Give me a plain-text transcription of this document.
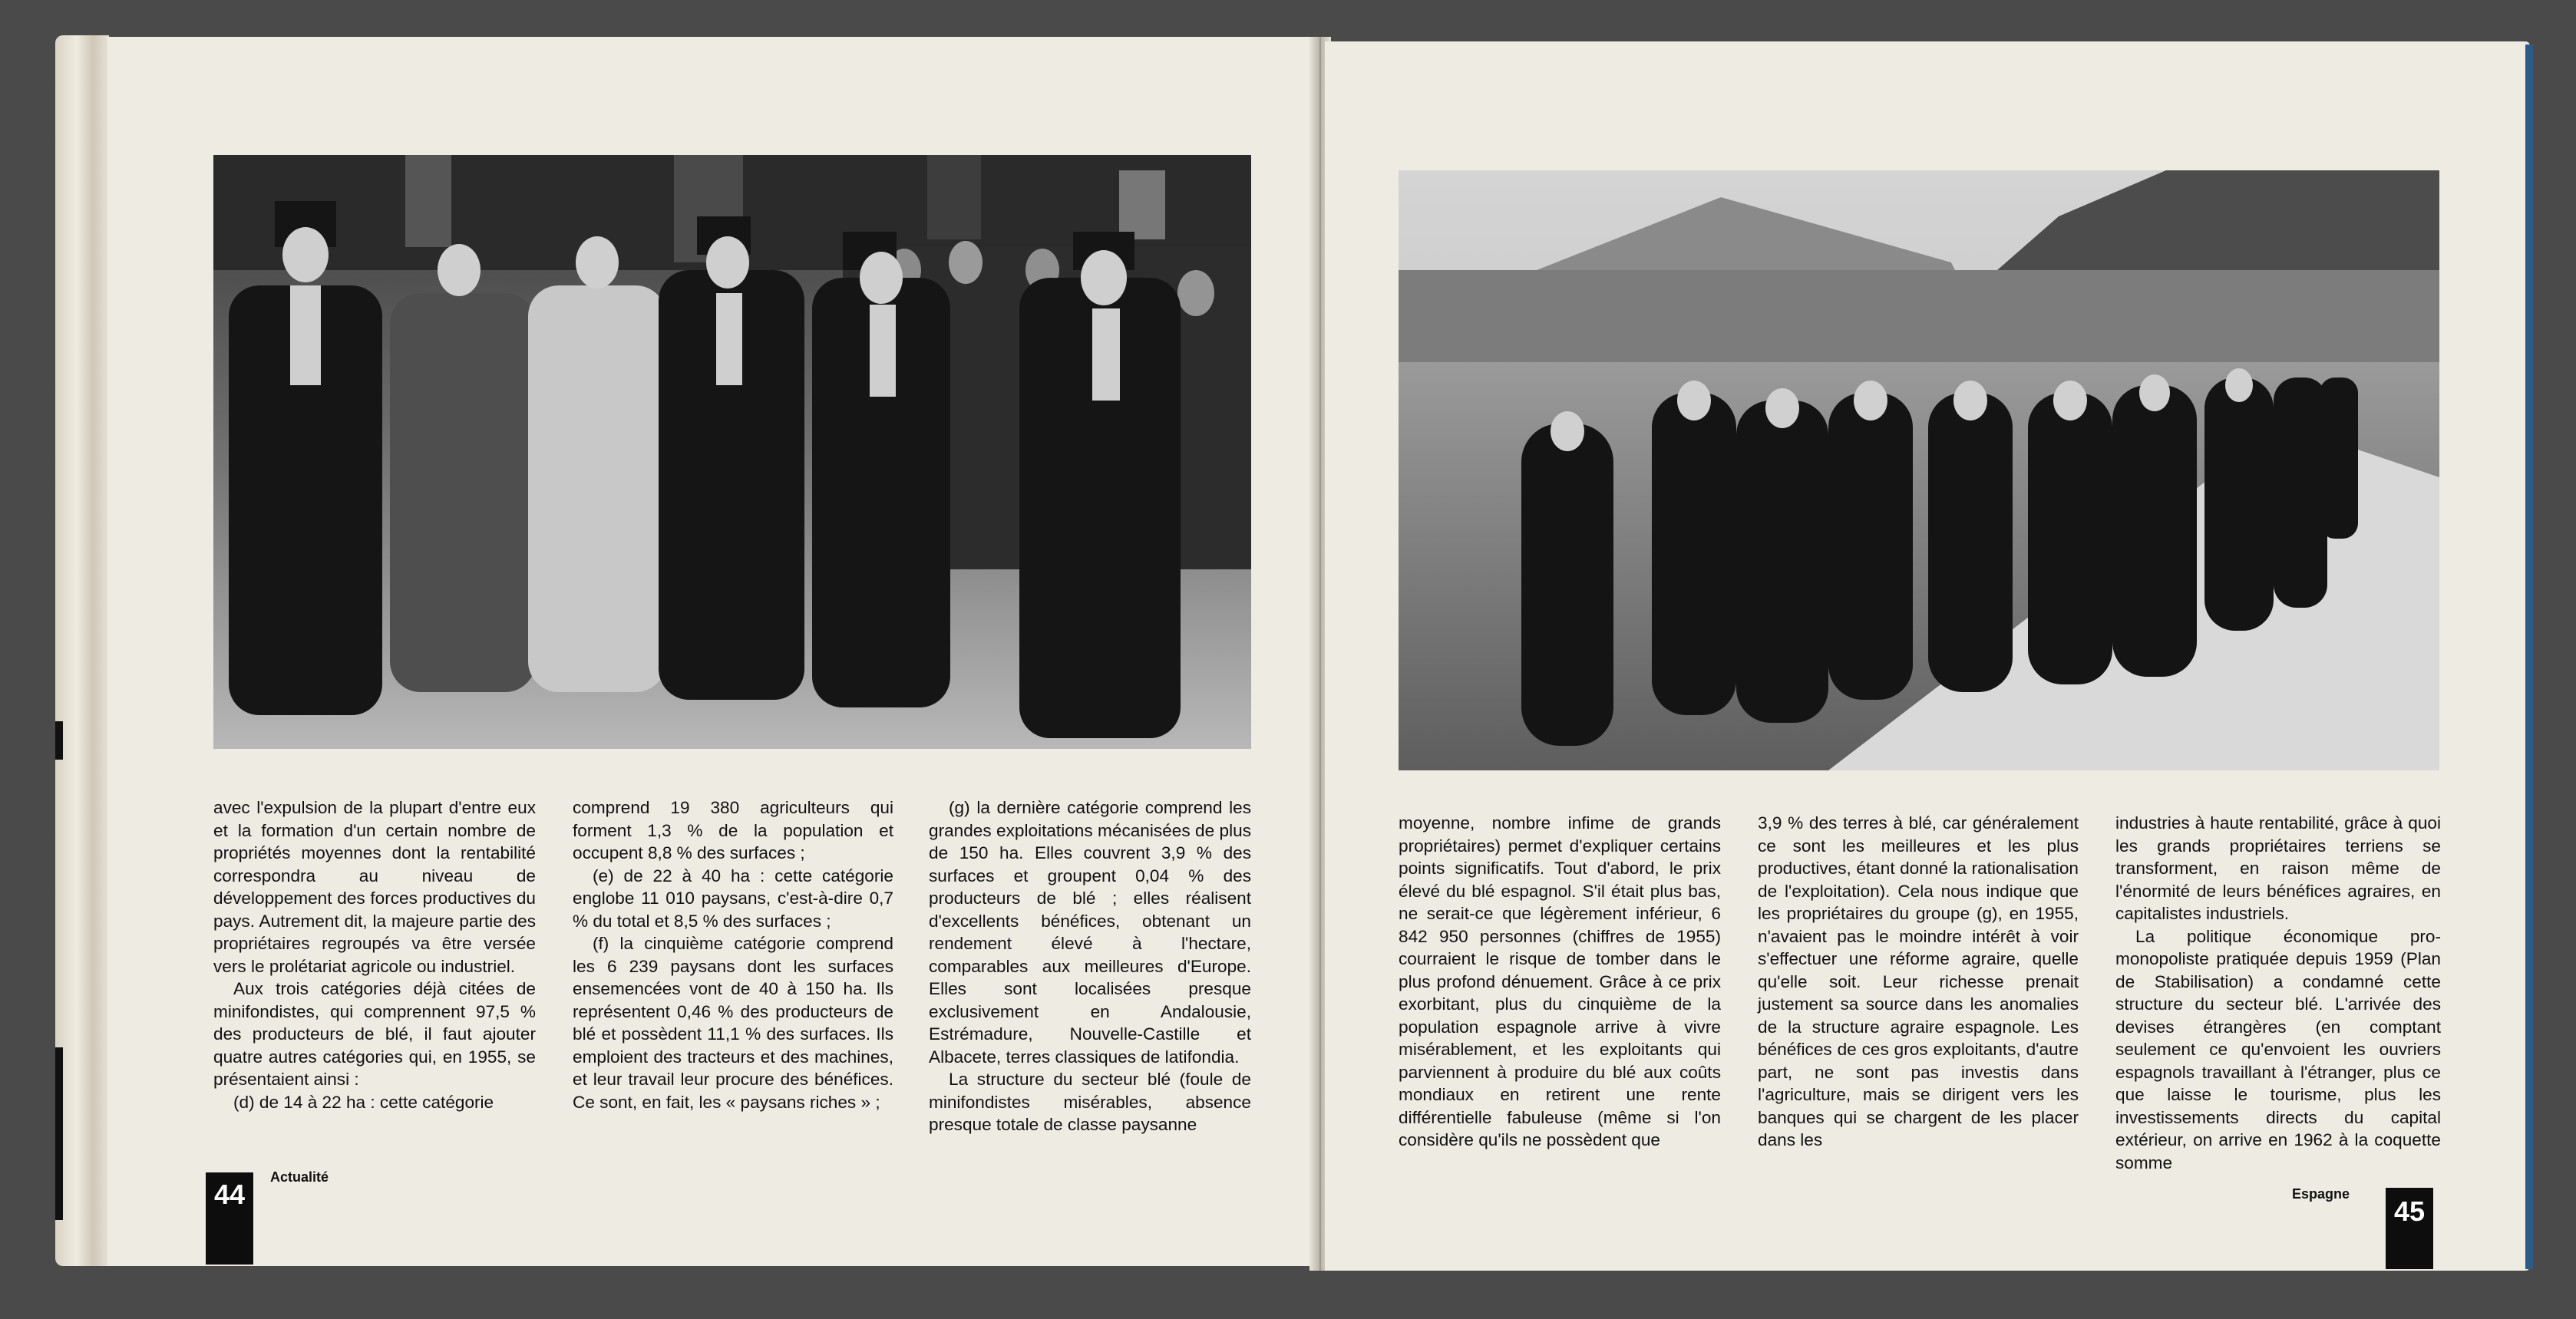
avec l'expulsion de la plupart d'entre eux et la formation d'un certain nombre de propriétés moyennes dont la rentabilité correspondra au niveau de développement des forces productives du pays. Autrement dit, la majeure partie des propriétaires regroupés va être versée vers le prolétariat agricole ou industriel.

Aux trois catégories déjà citées de minifondistes, qui comprennent 97,5 % des producteurs de blé, il faut ajouter quatre autres catégories qui, en 1955, se présentaient ainsi :

(d) de 14 à 22 ha : cette catégorie

comprend 19 380 agriculteurs qui forment 1,3 % de la population et occupent 8,8 % des surfaces ;

(e) de 22 à 40 ha : cette catégorie englobe 11 010 paysans, c'est-à-dire 0,7 % du total et 8,5 % des surfaces ;

(f) la cinquième catégorie comprend les 6 239 paysans dont les surfaces ensemencées vont de 40 à 150 ha. Ils représentent 0,46 % des producteurs de blé et possèdent 11,1 % des surfaces. Ils emploient des tracteurs et des machines, et leur travail leur procure des bénéfices. Ce sont, en fait, les « paysans riches » ;

(g) la dernière catégorie comprend les grandes exploitations mécanisées de plus de 150 ha. Elles couvrent 3,9 % des surfaces et groupent 0,04 % des producteurs de blé ; elles réalisent d'excellents bénéfices, obtenant un rendement élevé à l'hectare, comparables aux meilleures d'Europe. Elles sont localisées presque exclusivement en Andalousie, Estrémadure, Nouvelle-Castille et Albacete, terres classiques de latifondia.

La structure du secteur blé (foule de minifondistes misérables, absence presque totale de classe paysanne

44
Actualité

moyenne, nombre infime de grands propriétaires) permet d'expliquer certains points significatifs. Tout d'abord, le prix élevé du blé espagnol. S'il était plus bas, ne serait-ce que légèrement inférieur, 6 842 950 personnes (chiffres de 1955) courraient le risque de tomber dans le plus profond dénuement. Grâce à ce prix exorbitant, plus du cinquième de la population espagnole arrive à vivre misérablement, et les exploitants qui parviennent à produire du blé aux coûts mondiaux en retirent une rente différentielle fabuleuse (même si l'on considère qu'ils ne possèdent que

3,9 % des terres à blé, car généralement ce sont les meilleures et les plus productives, étant donné la rationalisation de l'exploitation). Cela nous indique que les propriétaires du groupe (g), en 1955, n'avaient pas le moindre intérêt à voir s'effectuer une réforme agraire, quelle qu'elle soit. Leur richesse prenait justement sa source dans les anomalies de la structure agraire espagnole. Les bénéfices de ces gros exploitants, d'autre part, ne sont pas investis dans l'agriculture, mais se dirigent vers les banques qui se chargent de les placer dans les

industries à haute rentabilité, grâce à quoi les grands propriétaires terriens se transforment, en raison même de l'énormité de leurs bénéfices agraires, en capitalistes industriels.

La politique économique pro-monopoliste pratiquée depuis 1959 (Plan de Stabilisation) a condamné cette structure du secteur blé. L'arrivée des devises étrangères (en comptant seulement ce qu'envoient les ouvriers espagnols travaillant à l'étranger, plus ce que laisse le tourisme, plus les investissements directs du capital extérieur, on arrive en 1962 à la coquette somme

Espagne
45
